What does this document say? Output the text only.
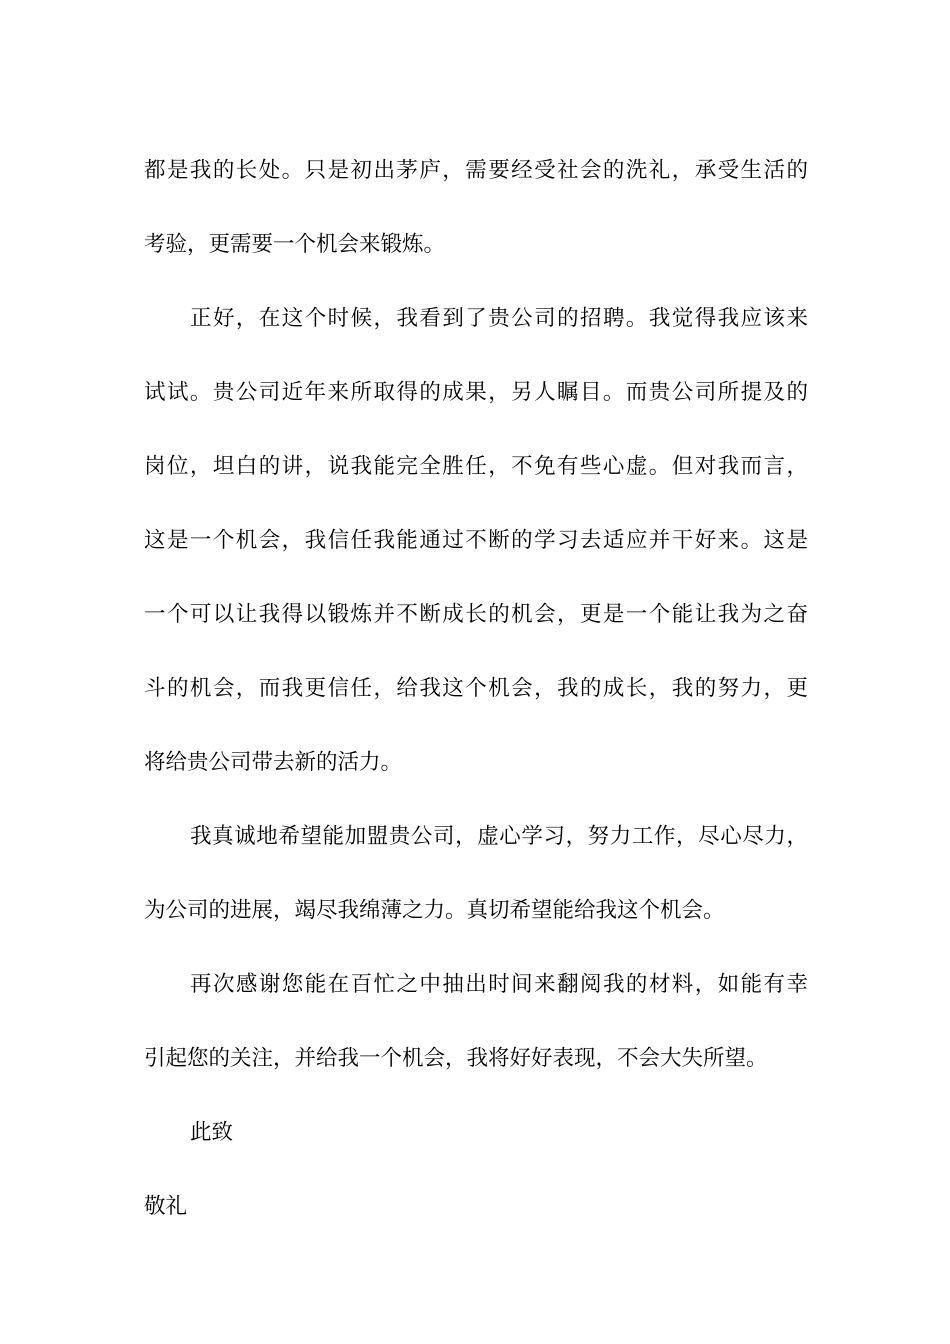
都是我的长处。只是初出茅庐，需要经受社会的洗礼，承受生活的
考验，更需要一个机会来锻炼。
正好，在这个时候，我看到了贵公司的招聘。我觉得我应该来
试试。贵公司近年来所取得的成果，另人瞩目。而贵公司所提及的
岗位，坦白的讲，说我能完全胜任，不免有些心虚。但对我而言，
这是一个机会，我信任我能通过不断的学习去适应并干好来。这是
一个可以让我得以锻炼并不断成长的机会，更是一个能让我为之奋
斗的机会，而我更信任，给我这个机会，我的成长，我的努力，更
将给贵公司带去新的活力。
我真诚地希望能加盟贵公司，虚心学习，努力工作，尽心尽力，
为公司的进展，竭尽我绵薄之力。真切希望能给我这个机会。
再次感谢您能在百忙之中抽出时间来翻阅我的材料，如能有幸
引起您的关注，并给我一个机会，我将好好表现，不会大失所望。
此致
敬礼
